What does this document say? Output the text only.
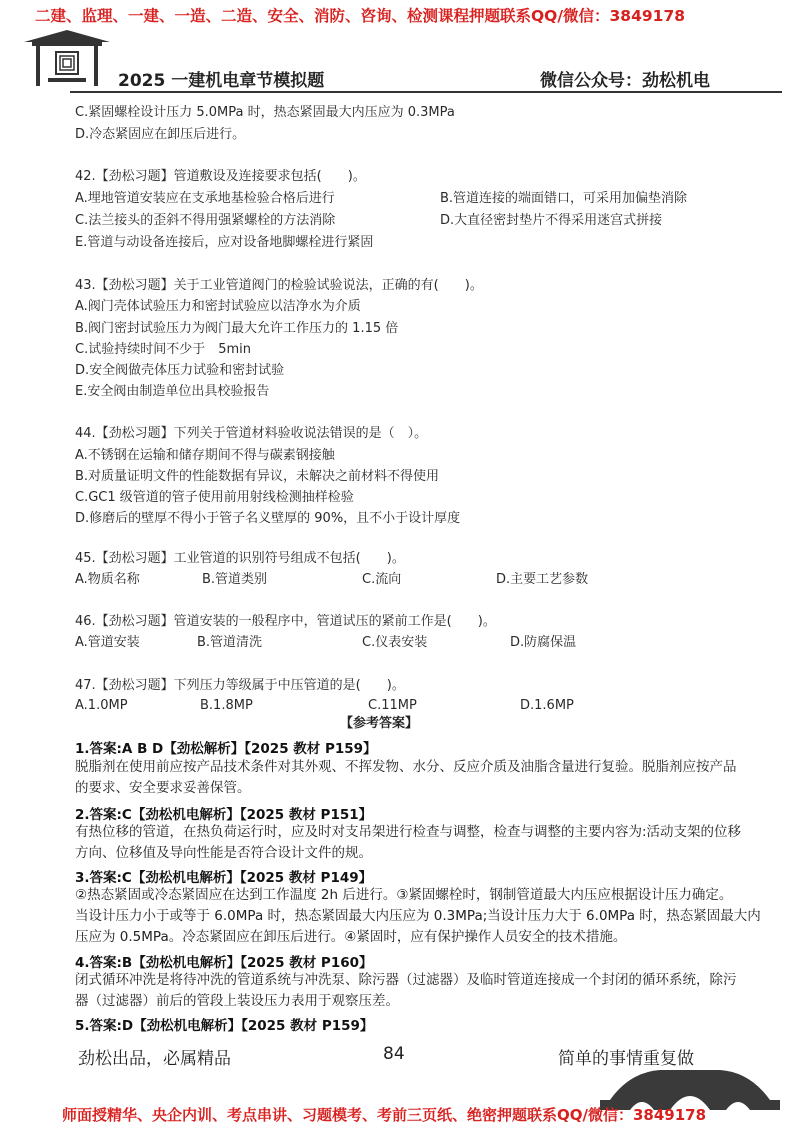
二建、监理、一建、一造、二造、安全、消防、咨询、检测课程押题联系QQ/微信：3849178
2025 一建机电章节模拟题	微信公众号：劲松机电
C.紧固螺栓设计压力 5.0MPa 时，热态紧固最大内压应为 0.3MPa
D.冷态紧固应在卸压后进行。
42.【劲松习题】管道敷设及连接要求包括(　　)。
A.埋地管道安装应在支承地基检验合格后进行	B.管道连接的端面错口，可采用加偏垫消除
C.法兰接头的歪斜不得用强紧螺栓的方法消除	D.大直径密封垫片不得采用迷宫式拼接
E.管道与动设备连接后，应对设备地脚螺栓进行紧固
43.【劲松习题】关于工业管道阀门的检验试验说法，正确的有(　　)。
A.阀门壳体试验压力和密封试验应以洁净水为介质
B.阀门密封试验压力为阀门最大允许工作压力的 1.15 倍
C.试验持续时间不少于　5min
D.安全阀做壳体压力试验和密封试验
E.安全阀由制造单位出具校验报告
44.【劲松习题】下列关于管道材料验收说法错误的是（　）。
A.不锈钢在运输和储存期间不得与碳素钢接触
B.对质量证明文件的性能数据有异议，未解决之前材料不得使用
C.GC1 级管道的管子使用前用射线检测抽样检验
D.修磨后的壁厚不得小于管子名义壁厚的 90%，且不小于设计厚度
45.【劲松习题】工业管道的识别符号组成不包括(　　)。
A.物质名称	B.管道类别	C.流向	D.主要工艺参数
46.【劲松习题】管道安装的一般程序中，管道试压的紧前工作是(　　)。
A.管道安装	B.管道清洗	C.仪表安装	D.防腐保温
47.【劲松习题】下列压力等级属于中压管道的是(　　)。
A.1.0MP	B.1.8MP	C.11MP	D.1.6MP
【参考答案】
1.答案:A B D【劲松解析】【2025 教材 P159】
脱脂剂在使用前应按产品技术条件对其外观、不挥发物、水分、反应介质及油脂含量进行复验。脱脂剂应按产品
的要求、安全要求妥善保管。
2.答案:C【劲松机电解析】【2025 教材 P151】
有热位移的管道，在热负荷运行时，应及时对支吊架进行检查与调整，检查与调整的主要内容为:活动支架的位移
方向、位移值及导向性能是否符合设计文件的规。
3.答案:C【劲松机电解析】【2025 教材 P149】
②热态紧固或冷态紧固应在达到工作温度 2h 后进行。③紧固螺栓时，钢制管道最大内压应根据设计压力确定。
当设计压力小于或等于 6.0MPa 时，热态紧固最大内压应为 0.3MPa;当设计压力大于 6.0MPa 时，热态紧固最大内
压应为 0.5MPa。冷态紧固应在卸压后进行。④紧固时，应有保护操作人员安全的技术措施。
4.答案:B【劲松机电解析】【2025 教材 P160】
闭式循环冲洗是将待冲洗的管道系统与冲洗泵、除污器（过滤器）及临时管道连接成一个封闭的循环系统，除污
器（过滤器）前后的管段上装设压力表用于观察压差。
5.答案:D【劲松机电解析】【2025 教材 P159】
劲松出品，必属精品	84	简单的事情重复做
师面授精华、央企内训、考点串讲、习题模考、考前三页纸、绝密押题联系QQ/微信：3849178
